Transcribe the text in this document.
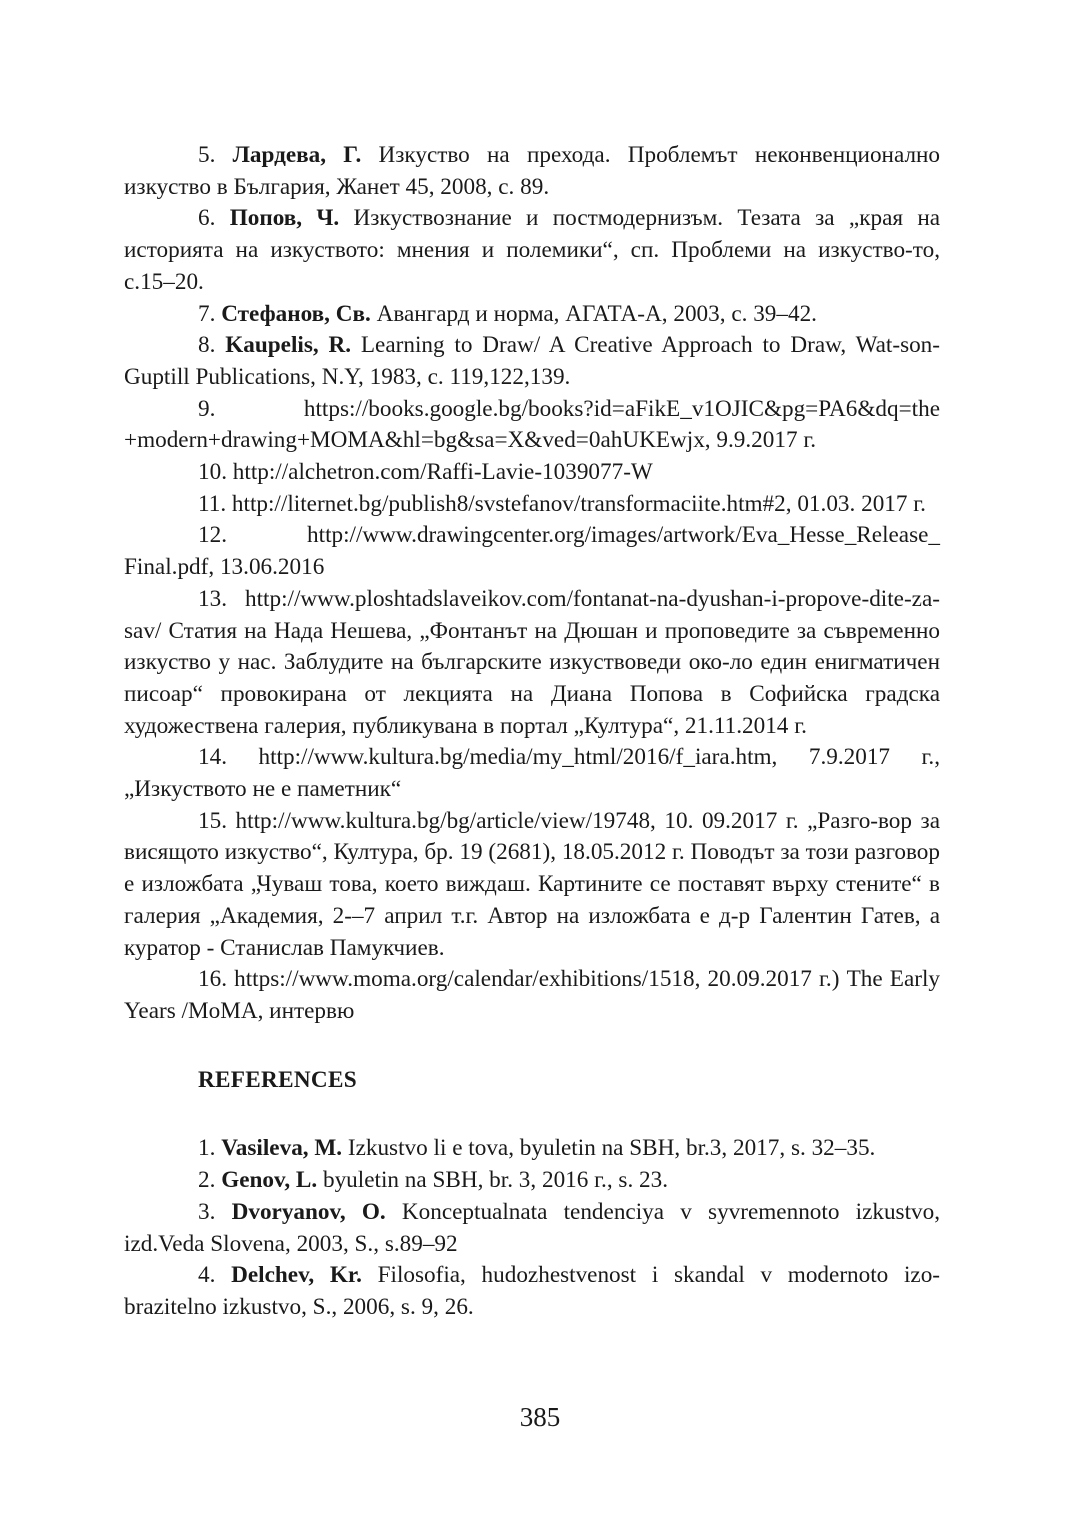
5. Лардева, Г. Изкуство на прехода. Проблемът неконвенционално изкуство в България, Жанет 45, 2008, с. 89.

6. Попов, Ч. Изкуствознание и постмодернизъм. Тезата за „края на историята на изкуството: мнения и полемики“, сп. Проблеми на изкуство-то, с.15–20.

7. Стефанов, Св. Авангард и норма, АГАТА-А, 2003, с. 39–42.

8. Kaupelis, R. Learning to Draw/ A Creative Approach to Draw, Wat-son-Guptill Publications, N.Y, 1983, с. 119,122,139.

9.	https://books.google.bg/books?id=aFikE_v1OJIC&pg=PA6&dq=the +modern+drawing+MOMA&hl=bg&sa=X&ved=0ahUKEwjx, 9.9.2017 г.

10. http://alchetron.com/Raffi-Lavie-1039077-W

11. http://liternet.bg/publish8/svstefanov/transformaciite.htm#2, 01.03. 2017 г.

12.	http://www.drawingcenter.org/images/artwork/Eva_Hesse_Release_ Final.pdf, 13.06.2016

13. http://www.ploshtadslaveikov.com/fontanat-na-dyushan-i-propove-dite-za-sav/ Статия на Нада Нешева, „Фонтанът на Дюшан и проповедите за съвременно изкуство у нас. Заблудите на българските изкуствоведи око-ло един енигматичен писоар“ провокирана от лекцията на Диана Попова в Софийска градска художествена галерия, публикувана в портал „Култура“, 21.11.2014 г.

14. http://www.kultura.bg/media/my_html/2016/f_iara.htm, 7.9.2017 г., „Изкуството не е паметник“

15. http://www.kultura.bg/bg/article/view/19748, 10. 09.2017 г. „Разго-вор за висящото изкуство“, Култура, бр. 19 (2681), 18.05.2012 г. Поводът за този разговор е изложбата „Чуваш това, което виждаш. Картините се поставят върху стените“ в галерия „Академия, 2-–7 април т.г. Автор на изложбата е д-р Галентин Гатев, а куратор - Станислав Памукчиев.

16. https://www.moma.org/calendar/exhibitions/1518, 20.09.2017 г.) The Early Years /MoMA, интервю

REFERENCES

1. Vasileva, M. Izkustvo li e tova, byuletin na SBH, br.3, 2017, s. 32–35.

2. Genov, L. byuletin na SBH, br. 3, 2016 г., s. 23.

3. Dvoryanov, O. Konceptualnata tendenciya v syvremennoto izkustvo, izd.Veda Slovena, 2003, S., s.89–92

4. Delchev, Kr. Filosofia, hudozhestvenost i skandal v modernoto izo-brazitelno izkustvo, S., 2006, s. 9, 26.

385
